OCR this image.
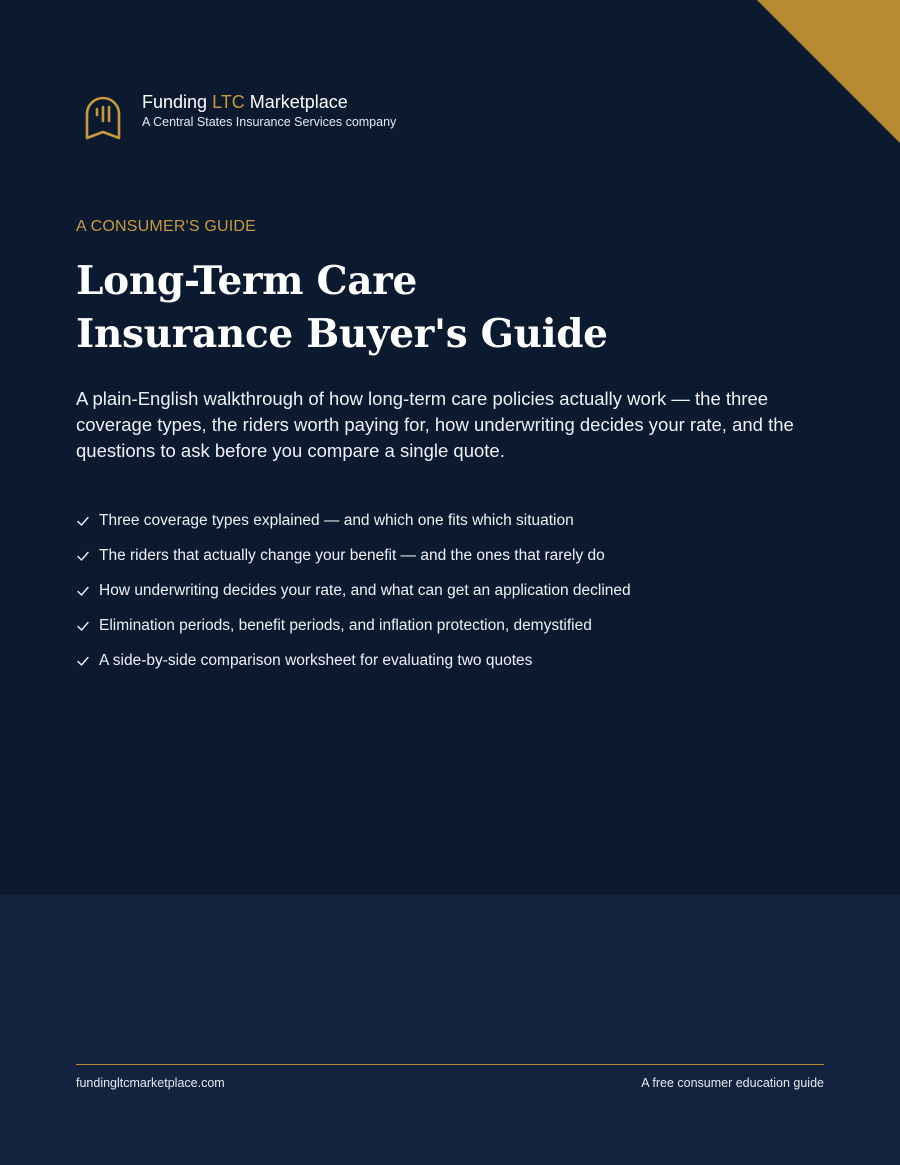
Funding LTC Marketplace
A Central States Insurance Services company
A CONSUMER'S GUIDE
Long-Term Care
Insurance Buyer's Guide

A plain-English walkthrough of how long-term care policies actually work — the three coverage types, the riders worth paying for, how underwriting decides your rate, and the questions to ask before you compare a single quote.

Three coverage types explained — and which one fits which situation
The riders that actually change your benefit — and the ones that rarely do
How underwriting decides your rate, and what can get an application declined
Elimination periods, benefit periods, and inflation protection, demystified
A side-by-side comparison worksheet for evaluating two quotes
fundingltcmarketplace.com	A free consumer education guide
